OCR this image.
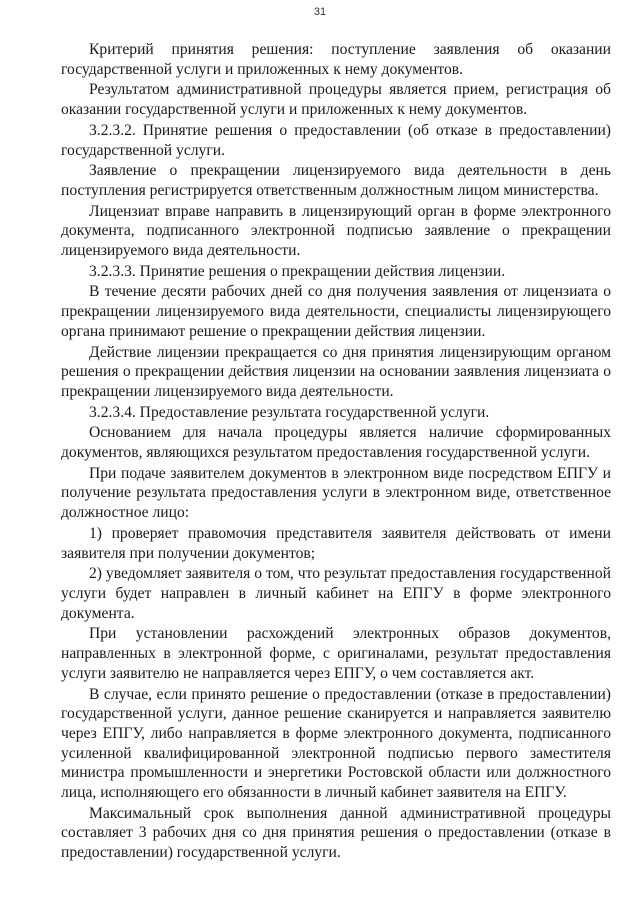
31

Критерий принятия решения: поступление заявления об оказании государственной услуги и приложенных к нему документов.

Результатом административной процедуры является прием, регистрация об оказании государственной услуги и приложенных к нему документов.

3.2.3.2. Принятие решения о предоставлении (об отказе в предоставлении) государственной услуги.

Заявление о прекращении лицензируемого вида деятельности в день поступления регистрируется ответственным должностным лицом министерства.

Лицензиат вправе направить в лицензирующий орган в форме электронного документа, подписанного электронной подписью заявление о прекращении лицензируемого вида деятельности.

3.2.3.3. Принятие решения о прекращении действия лицензии.

В течение десяти рабочих дней со дня получения заявления от лицензиата о прекращении лицензируемого вида деятельности, специалисты лицензирующего органа принимают решение о прекращении действия лицензии.

Действие лицензии прекращается со дня принятия лицензирующим органом решения о прекращении действия лицензии на основании заявления лицензиата о прекращении лицензируемого вида деятельности.

3.2.3.4. Предоставление результата государственной услуги.

Основанием для начала процедуры является наличие сформированных документов, являющихся результатом предоставления государственной услуги.

При подаче заявителем документов в электронном виде посредством ЕПГУ и получение результата предоставления услуги в электронном виде, ответственное должностное лицо:

1) проверяет правомочия представителя заявителя действовать от имени заявителя при получении документов;

2) уведомляет заявителя о том, что результат предоставления государственной услуги будет направлен в личный кабинет на ЕПГУ в форме электронного документа.

При установлении расхождений электронных образов документов, направленных в электронной форме, с оригиналами, результат предоставления услуги заявителю не направляется через ЕПГУ, о чем составляется акт.

В случае, если принято решение о предоставлении (отказе в предоставлении) государственной услуги, данное решение сканируется и направляется заявителю через ЕПГУ, либо направляется в форме электронного документа, подписанного усиленной квалифицированной электронной подписью первого заместителя министра промышленности и энергетики Ростовской области или должностного лица, исполняющего его обязанности в личный кабинет заявителя на ЕПГУ.

Максимальный срок выполнения данной административной процедуры составляет 3 рабочих дня со дня принятия решения о предоставлении (отказе в предоставлении) государственной услуги.
